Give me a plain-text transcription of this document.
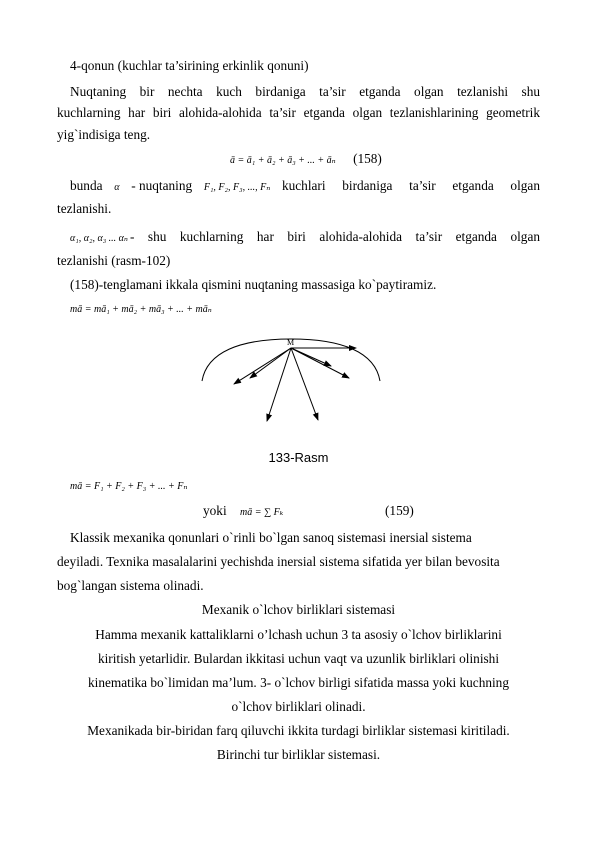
4-qonun (kuchlar ta’sirining erkinlik qonuni)
Nuqtaning bir nechta kuch birdaniga ta’sir etganda olgan tezlanishi shu
kuchlarning har biri alohida-alohida ta’sir etganda olgan tezlanishlarining geometrik
yig`indisiga teng.
ā = ā₁ + ā₂ + ā₃ + ... + āₙ (158)
bunda α - nuqtaning F₁, F₂, F₃, ..., Fₙ kuchlari birdaniga ta’sir etganda olgan
tezlanishi.
α₁, α₂, α₃ ... αₙ - shu kuchlarning har biri alohida-alohida ta’sir etganda olgan
tezlanishi (rasm-102)
(158)-tenglamani ikkala qismini nuqtaning massasiga ko`paytiramiz.
mā = mā₁ + mā₂ + mā₃ + ... + māₙ
M
133-Rasm
mā = F₁ + F₂ + F₃ + ... + Fₙ
yoki mā = ∑ Fₖ	(159)
Klassik mexanika qonunlari o`rinli bo`lgan sanoq sistemasi inersial sistema
deyiladi. Texnika masalalarini yechishda inersial sistema sifatida yer bilan bevosita
bog`langan sistema olinadi.
Mexanik o`lchov birliklari sistemasi
Hamma mexanik kattaliklarni o’lchash uchun 3 ta asosiy o`lchov birliklarini
kiritish yetarlidir. Bulardan ikkitasi uchun vaqt va uzunlik birliklari olinishi
kinematika bo`limidan ma’lum. 3- o`lchov birligi sifatida massa yoki kuchning
o`lchov birliklari olinadi.
Mexanikada bir-biridan farq qiluvchi ikkita turdagi birliklar sistemasi kiritiladi.
Birinchi tur birliklar sistemasi.
